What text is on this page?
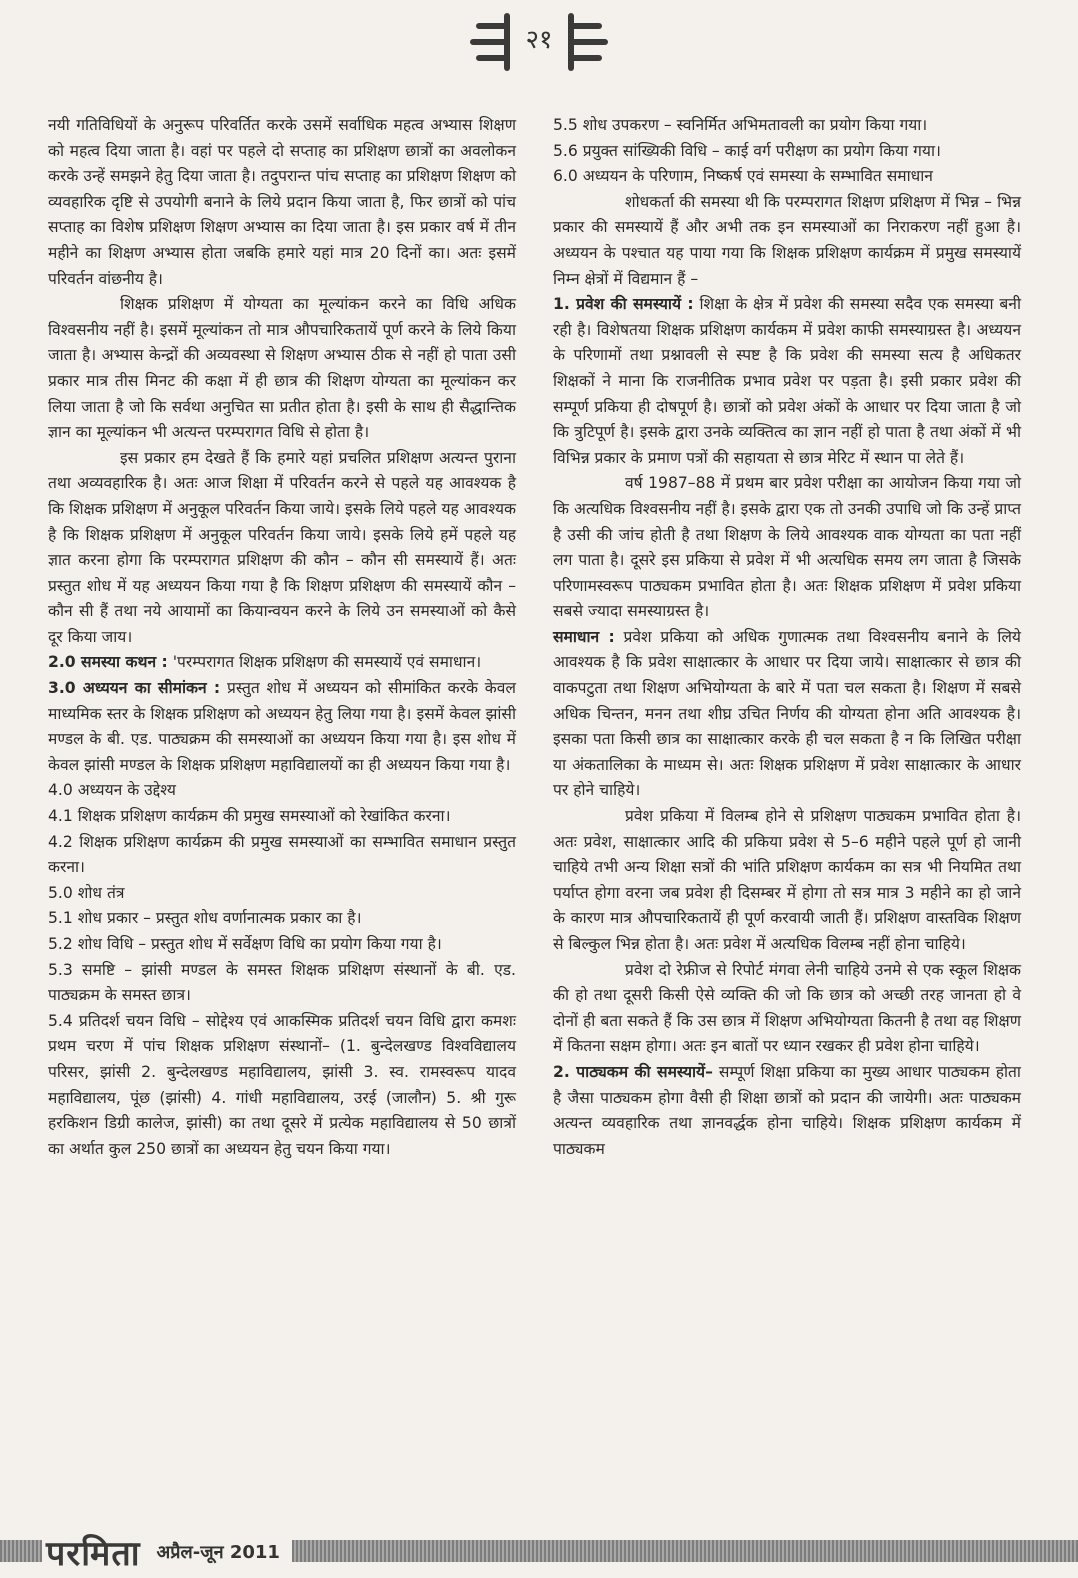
२१

नयी गतिविधियों के अनुरूप परिवर्तित करके उसमें सर्वाधिक महत्व अभ्यास शिक्षण को महत्व दिया जाता है। वहां पर पहले दो सप्ताह का प्रशिक्षण छात्रों का अवलोकन करके उन्हें समझने हेतु दिया जाता है। तदुपरान्त पांच सप्ताह का प्रशिक्षण शिक्षण को व्यवहारिक दृष्टि से उपयोगी बनाने के लिये प्रदान किया जाता है, फिर छात्रों को पांच सप्ताह का विशेष प्रशिक्षण शिक्षण अभ्यास का दिया जाता है। इस प्रकार वर्ष में तीन महीने का शिक्षण अभ्यास होता जबकि हमारे यहां मात्र 20 दिनों का। अतः इसमें परिवर्तन वांछनीय है।

शिक्षक प्रशिक्षण में योग्यता का मूल्यांकन करने का विधि अधिक विश्वसनीय नहीं है। इसमें मूल्यांकन तो मात्र औपचारिकतायें पूर्ण करने के लिये किया जाता है। अभ्यास केन्द्रों की अव्यवस्था से शिक्षण अभ्यास ठीक से नहीं हो पाता उसी प्रकार मात्र तीस मिनट की कक्षा में ही छात्र की शिक्षण योग्यता का मूल्यांकन कर लिया जाता है जो कि सर्वथा अनुचित सा प्रतीत होता है। इसी के साथ ही सैद्धान्तिक ज्ञान का मूल्यांकन भी अत्यन्त परम्परागत विधि से होता है।

इस प्रकार हम देखते हैं कि हमारे यहां प्रचलित प्रशिक्षण अत्यन्त पुराना तथा अव्यवहारिक है। अतः आज शिक्षा में परिवर्तन करने से पहले यह आवश्यक है कि शिक्षक प्रशिक्षण में अनुकूल परिवर्तन किया जाये। इसके लिये पहले यह आवश्यक है कि शिक्षक प्रशिक्षण में अनुकूल परिवर्तन किया जाये। इसके लिये हमें पहले यह ज्ञात करना होगा कि परम्परागत प्रशिक्षण की कौन – कौन सी समस्यायें हैं। अतः प्रस्तुत शोध में यह अध्ययन किया गया है कि शिक्षण प्रशिक्षण की समस्यायें कौन – कौन सी हैं तथा नये आयामों का कियान्वयन करने के लिये उन समस्याओं को कैसे दूर किया जाय।

2.0 समस्या कथन : 'परम्परागत शिक्षक प्रशिक्षण की समस्यायें एवं समाधान।

3.0 अध्ययन का सीमांकन : प्रस्तुत शोध में अध्ययन को सीमांकित करके केवल माध्यमिक स्तर के शिक्षक प्रशिक्षण को अध्ययन हेतु लिया गया है। इसमें केवल झांसी मण्डल के बी. एड. पाठ्यक्रम की समस्याओं का अध्ययन किया गया है। इस शोध में केवल झांसी मण्डल के शिक्षक प्रशिक्षण महाविद्यालयों का ही अध्ययन किया गया है।

4.0 अध्ययन के उद्देश्य

4.1 शिक्षक प्रशिक्षण कार्यक्रम की प्रमुख समस्याओं को रेखांकित करना।

4.2 शिक्षक प्रशिक्षण कार्यक्रम की प्रमुख समस्याओं का सम्भावित समाधान प्रस्तुत करना।

5.0 शोध तंत्र

5.1 शोध प्रकार – प्रस्तुत शोध वर्णानात्मक प्रकार का है।

5.2 शोध विधि – प्रस्तुत शोध में सर्वेक्षण विधि का प्रयोग किया गया है।

5.3 समष्टि – झांसी मण्डल के समस्त शिक्षक प्रशिक्षण संस्थानों के बी. एड. पाठ्यक्रम के समस्त छात्र।

5.4 प्रतिदर्श चयन विधि – सोद्देश्य एवं आकस्मिक प्रतिदर्श चयन विधि द्वारा कमशः प्रथम चरण में पांच शिक्षक प्रशिक्षण संस्थानों– (1. बुन्देलखण्ड विश्वविद्यालय परिसर, झांसी 2. बुन्देलखण्ड महाविद्यालय, झांसी 3. स्व. रामस्वरूप यादव महाविद्यालय, पूंछ (झांसी) 4. गांधी महाविद्यालय, उरई (जालौन) 5. श्री गुरू हरकिशन डिग्री कालेज, झांसी) का तथा दूसरे में प्रत्येक महाविद्यालय से 50 छात्रों का अर्थात कुल 250 छात्रों का अध्ययन हेतु चयन किया गया।

5.5 शोध उपकरण – स्वनिर्मित अभिमतावली का प्रयोग किया गया।

5.6 प्रयुक्त सांख्यिकी विधि – काई वर्ग परीक्षण का प्रयोग किया गया।

6.0 अध्ययन के परिणाम, निष्कर्ष एवं समस्या के सम्भावित समाधान

शोधकर्ता की समस्या थी कि परम्परागत शिक्षण प्रशिक्षण में भिन्न – भिन्न प्रकार की समस्यायें हैं और अभी तक इन समस्याओं का निराकरण नहीं हुआ है। अध्ययन के पश्चात यह पाया गया कि शिक्षक प्रशिक्षण कार्यक्रम में प्रमुख समस्यायें निम्न क्षेत्रों में विद्यमान हैं –

1. प्रवेश की समस्यायें : शिक्षा के क्षेत्र में प्रवेश की समस्या सदैव एक समस्या बनी रही है। विशेषतया शिक्षक प्रशिक्षण कार्यकम में प्रवेश काफी समस्याग्रस्त है। अध्ययन के परिणामों तथा प्रश्नावली से स्पष्ट है कि प्रवेश की समस्या सत्य है अधिकतर शिक्षकों ने माना कि राजनीतिक प्रभाव प्रवेश पर पड़ता है। इसी प्रकार प्रवेश की सम्पूर्ण प्रकिया ही दोषपूर्ण है। छात्रों को प्रवेश अंकों के आधार पर दिया जाता है जो कि त्रुटिपूर्ण है। इसके द्वारा उनके व्यक्तित्व का ज्ञान नहीं हो पाता है तथा अंकों में भी विभिन्न प्रकार के प्रमाण पत्रों की सहायता से छात्र मेरिट में स्थान पा लेते हैं।

वर्ष 1987–88 में प्रथम बार प्रवेश परीक्षा का आयोजन किया गया जो कि अत्यधिक विश्वसनीय नहीं है। इसके द्वारा एक तो उनकी उपाधि जो कि उन्हें प्राप्त है उसी की जांच होती है तथा शिक्षण के लिये आवश्यक वाक योग्यता का पता नहीं लग पाता है। दूसरे इस प्रकिया से प्रवेश में भी अत्यधिक समय लग जाता है जिसके परिणामस्वरूप पाठ्यकम प्रभावित होता है। अतः शिक्षक प्रशिक्षण में प्रवेश प्रकिया सबसे ज्यादा समस्याग्रस्त है।

समाधान : प्रवेश प्रकिया को अधिक गुणात्मक तथा विश्वसनीय बनाने के लिये आवश्यक है कि प्रवेश साक्षात्कार के आधार पर दिया जाये। साक्षात्कार से छात्र की वाकपटुता तथा शिक्षण अभियोग्यता के बारे में पता चल सकता है। शिक्षण में सबसे अधिक चिन्तन, मनन तथा शीघ्र उचित निर्णय की योग्यता होना अति आवश्यक है। इसका पता किसी छात्र का साक्षात्कार करके ही चल सकता है न कि लिखित परीक्षा या अंकतालिका के माध्यम से। अतः शिक्षक प्रशिक्षण में प्रवेश साक्षात्कार के आधार पर होने चाहिये।

प्रवेश प्रकिया में विलम्ब होने से प्रशिक्षण पाठ्यकम प्रभावित होता है। अतः प्रवेश, साक्षात्कार आदि की प्रकिया प्रवेश से 5–6 महीने पहले पूर्ण हो जानी चाहिये तभी अन्य शिक्षा सत्रों की भांति प्रशिक्षण कार्यकम का सत्र भी नियमित तथा पर्याप्त होगा वरना जब प्रवेश ही दिसम्बर में होगा तो सत्र मात्र 3 महीने का हो जाने के कारण मात्र औपचारिकतायें ही पूर्ण करवायी जाती हैं। प्रशिक्षण वास्तविक शिक्षण से बिल्कुल भिन्न होता है। अतः प्रवेश में अत्यधिक विलम्ब नहीं होना चाहिये।

प्रवेश दो रेफ्रीज से रिपोर्ट मंगवा लेनी चाहिये उनमे से एक स्कूल शिक्षक की हो तथा दूसरी किसी ऐसे व्यक्ति की जो कि छात्र को अच्छी तरह जानता हो वे दोनों ही बता सकते हैं कि उस छात्र में शिक्षण अभियोग्यता कितनी है तथा वह शिक्षण में कितना सक्षम होगा। अतः इन बातों पर ध्यान रखकर ही प्रवेश होना चाहिये।

2. पाठ्यकम की समस्यायें– सम्पूर्ण शिक्षा प्रकिया का मुख्य आधार पाठ्यकम होता है जैसा पाठ्यकम होगा वैसी ही शिक्षा छात्रों को प्रदान की जायेगी। अतः पाठ्यकम अत्यन्त व्यवहारिक तथा ज्ञानवर्द्धक होना चाहिये। शिक्षक प्रशिक्षण कार्यकम में पाठ्यकम

परमिता अप्रैल-जून 2011
